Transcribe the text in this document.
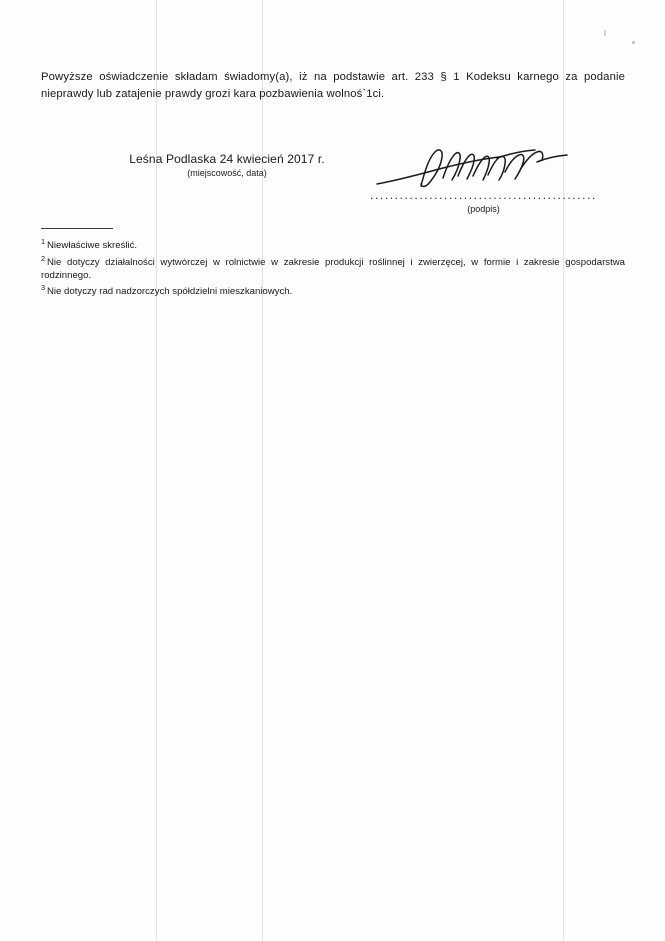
Powyższe oświadczenie składam świadomy(a), iż na podstawie art. 233 § 1 Kodeksu karnego za podanie nieprawdy lub zatajenie prawdy grozi kara pozbawienia wolnoś`1ci.

Leśna Podlaska 24 kwiecień 2017 r.
(miejscowość, data)
..............................................
(podpis)
$^1$ Niewłaściwe skreślić.
$^2$ Nie dotyczy działalności wytwórczej w rolnictwie w zakresie produkcji roślinnej i zwierzęcej, w formie i zakresie gospodarstwa rodzinnego.
$^3$ Nie dotyczy rad nadzorczych spółdzielni mieszkaniowych.
